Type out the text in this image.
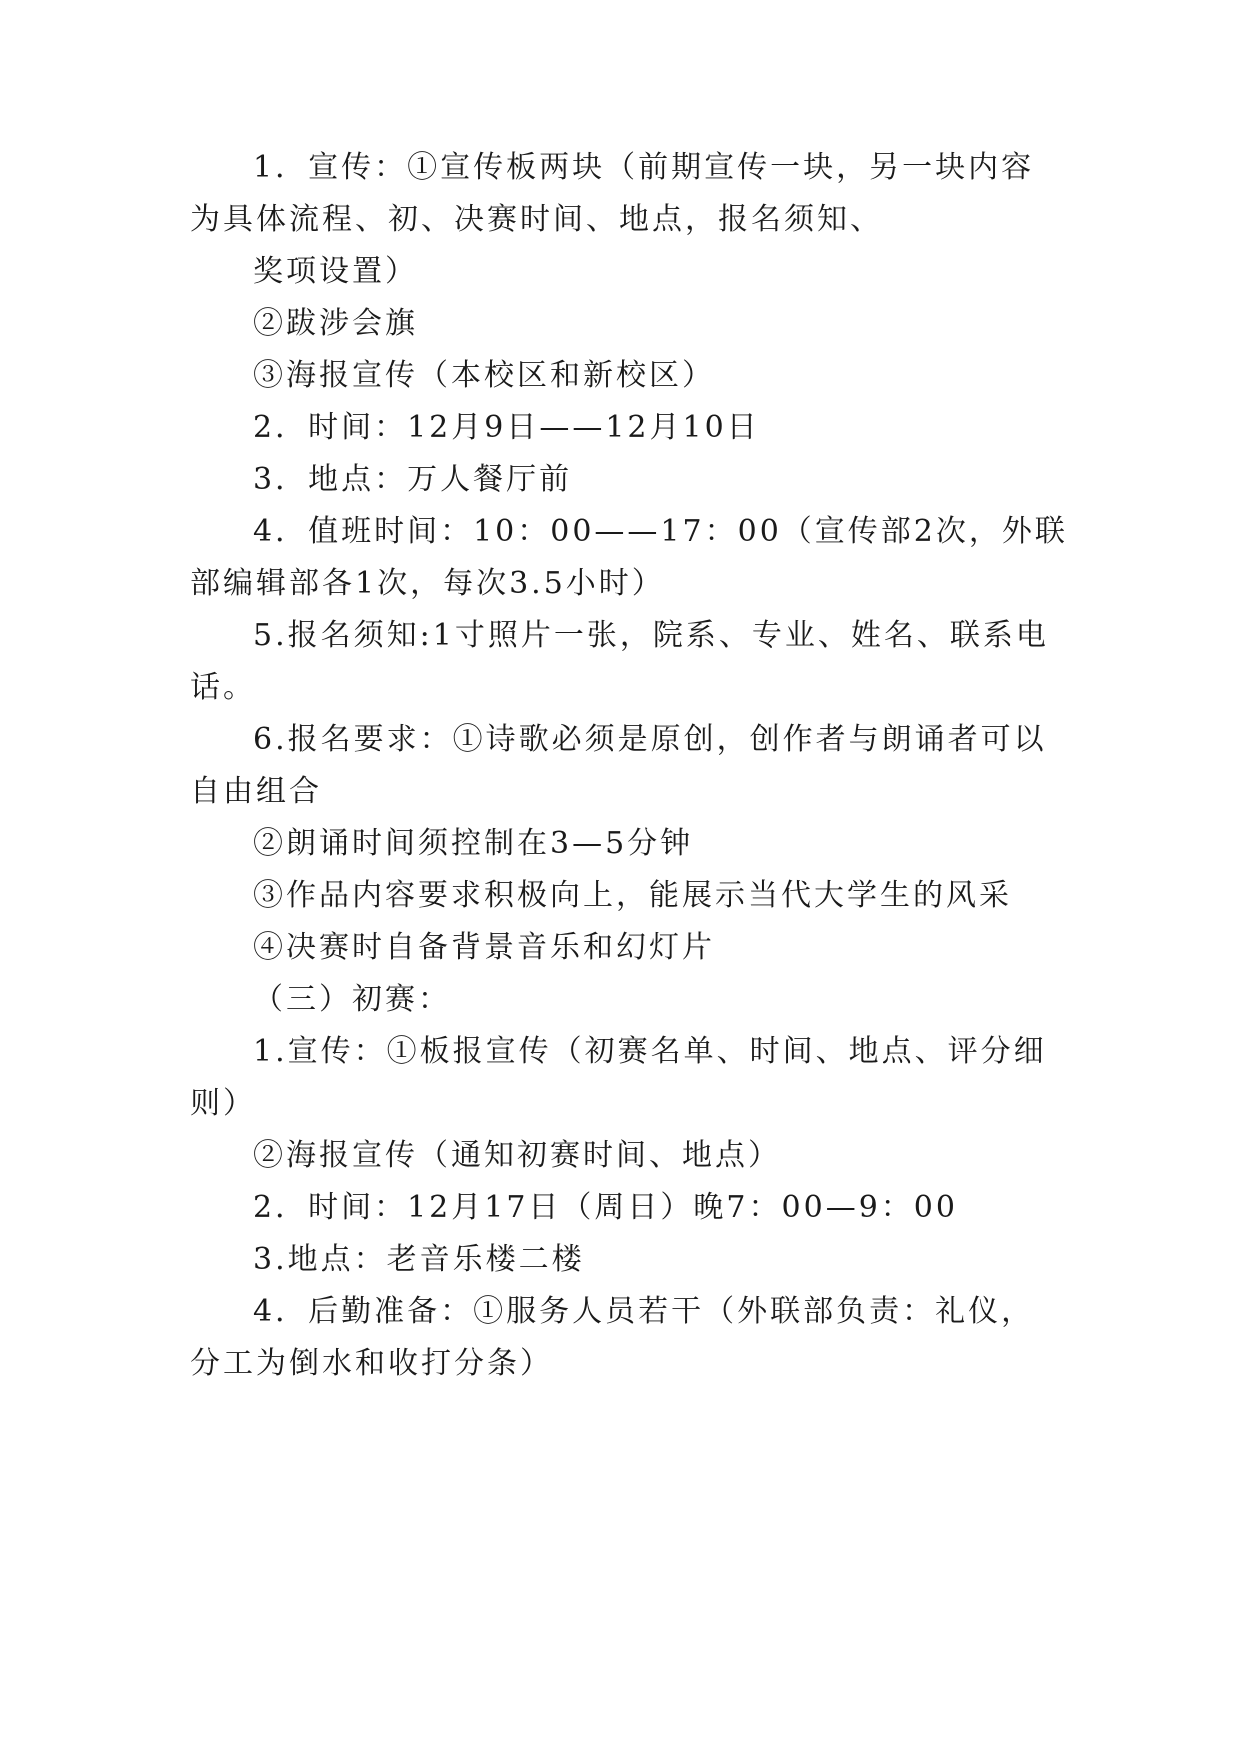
1．宣传：①宣传板两块（前期宣传一块，另一块内容
为具体流程、初、决赛时间、地点，报名须知、
奖项设置）
②跋涉会旗
③海报宣传（本校区和新校区）
2．时间：12月9日——12月10日
3．地点：万人餐厅前
4．值班时间：10：00——17：00（宣传部2次，外联
部编辑部各1次，每次3.5小时）
5.报名须知:1寸照片一张，院系、专业、姓名、联系电
话。
6.报名要求：①诗歌必须是原创，创作者与朗诵者可以
自由组合
②朗诵时间须控制在3—5分钟
③作品内容要求积极向上，能展示当代大学生的风采
④决赛时自备背景音乐和幻灯片
（三）初赛：
1.宣传：①板报宣传（初赛名单、时间、地点、评分细
则）
②海报宣传（通知初赛时间、地点）
2．时间：12月17日（周日）晚7：00—9：00
3.地点：老音乐楼二楼
4．后勤准备：①服务人员若干（外联部负责：礼仪，
分工为倒水和收打分条）
